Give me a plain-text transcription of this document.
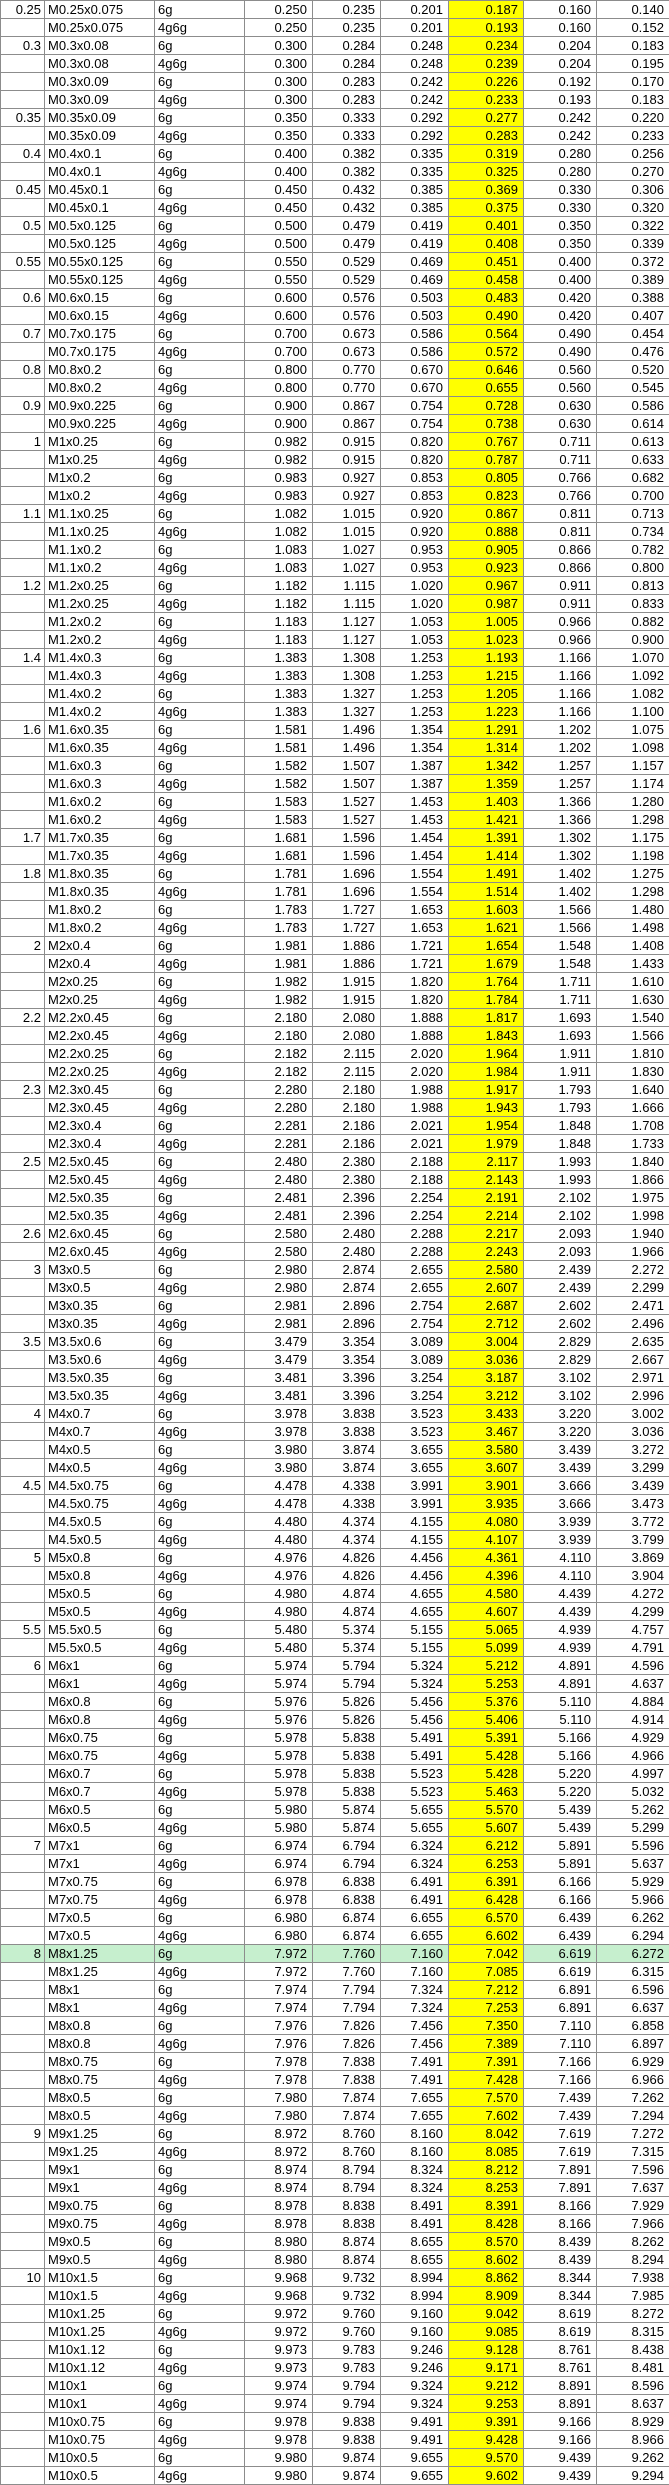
0.25	M0.25x0.075	6g	0.250	0.235	0.201	0.187	0.160	0.140
	M0.25x0.075	4g6g	0.250	0.235	0.201	0.193	0.160	0.152
0.3	M0.3x0.08	6g	0.300	0.284	0.248	0.234	0.204	0.183
	M0.3x0.08	4g6g	0.300	0.284	0.248	0.239	0.204	0.195
	M0.3x0.09	6g	0.300	0.283	0.242	0.226	0.192	0.170
	M0.3x0.09	4g6g	0.300	0.283	0.242	0.233	0.193	0.183
0.35	M0.35x0.09	6g	0.350	0.333	0.292	0.277	0.242	0.220
	M0.35x0.09	4g6g	0.350	0.333	0.292	0.283	0.242	0.233
0.4	M0.4x0.1	6g	0.400	0.382	0.335	0.319	0.280	0.256
	M0.4x0.1	4g6g	0.400	0.382	0.335	0.325	0.280	0.270
0.45	M0.45x0.1	6g	0.450	0.432	0.385	0.369	0.330	0.306
	M0.45x0.1	4g6g	0.450	0.432	0.385	0.375	0.330	0.320
0.5	M0.5x0.125	6g	0.500	0.479	0.419	0.401	0.350	0.322
	M0.5x0.125	4g6g	0.500	0.479	0.419	0.408	0.350	0.339
0.55	M0.55x0.125	6g	0.550	0.529	0.469	0.451	0.400	0.372
	M0.55x0.125	4g6g	0.550	0.529	0.469	0.458	0.400	0.389
0.6	M0.6x0.15	6g	0.600	0.576	0.503	0.483	0.420	0.388
	M0.6x0.15	4g6g	0.600	0.576	0.503	0.490	0.420	0.407
0.7	M0.7x0.175	6g	0.700	0.673	0.586	0.564	0.490	0.454
	M0.7x0.175	4g6g	0.700	0.673	0.586	0.572	0.490	0.476
0.8	M0.8x0.2	6g	0.800	0.770	0.670	0.646	0.560	0.520
	M0.8x0.2	4g6g	0.800	0.770	0.670	0.655	0.560	0.545
0.9	M0.9x0.225	6g	0.900	0.867	0.754	0.728	0.630	0.586
	M0.9x0.225	4g6g	0.900	0.867	0.754	0.738	0.630	0.614
1	M1x0.25	6g	0.982	0.915	0.820	0.767	0.711	0.613
	M1x0.25	4g6g	0.982	0.915	0.820	0.787	0.711	0.633
	M1x0.2	6g	0.983	0.927	0.853	0.805	0.766	0.682
	M1x0.2	4g6g	0.983	0.927	0.853	0.823	0.766	0.700
1.1	M1.1x0.25	6g	1.082	1.015	0.920	0.867	0.811	0.713
	M1.1x0.25	4g6g	1.082	1.015	0.920	0.888	0.811	0.734
	M1.1x0.2	6g	1.083	1.027	0.953	0.905	0.866	0.782
	M1.1x0.2	4g6g	1.083	1.027	0.953	0.923	0.866	0.800
1.2	M1.2x0.25	6g	1.182	1.115	1.020	0.967	0.911	0.813
	M1.2x0.25	4g6g	1.182	1.115	1.020	0.987	0.911	0.833
	M1.2x0.2	6g	1.183	1.127	1.053	1.005	0.966	0.882
	M1.2x0.2	4g6g	1.183	1.127	1.053	1.023	0.966	0.900
1.4	M1.4x0.3	6g	1.383	1.308	1.253	1.193	1.166	1.070
	M1.4x0.3	4g6g	1.383	1.308	1.253	1.215	1.166	1.092
	M1.4x0.2	6g	1.383	1.327	1.253	1.205	1.166	1.082
	M1.4x0.2	4g6g	1.383	1.327	1.253	1.223	1.166	1.100
1.6	M1.6x0.35	6g	1.581	1.496	1.354	1.291	1.202	1.075
	M1.6x0.35	4g6g	1.581	1.496	1.354	1.314	1.202	1.098
	M1.6x0.3	6g	1.582	1.507	1.387	1.342	1.257	1.157
	M1.6x0.3	4g6g	1.582	1.507	1.387	1.359	1.257	1.174
	M1.6x0.2	6g	1.583	1.527	1.453	1.403	1.366	1.280
	M1.6x0.2	4g6g	1.583	1.527	1.453	1.421	1.366	1.298
1.7	M1.7x0.35	6g	1.681	1.596	1.454	1.391	1.302	1.175
	M1.7x0.35	4g6g	1.681	1.596	1.454	1.414	1.302	1.198
1.8	M1.8x0.35	6g	1.781	1.696	1.554	1.491	1.402	1.275
	M1.8x0.35	4g6g	1.781	1.696	1.554	1.514	1.402	1.298
	M1.8x0.2	6g	1.783	1.727	1.653	1.603	1.566	1.480
	M1.8x0.2	4g6g	1.783	1.727	1.653	1.621	1.566	1.498
2	M2x0.4	6g	1.981	1.886	1.721	1.654	1.548	1.408
	M2x0.4	4g6g	1.981	1.886	1.721	1.679	1.548	1.433
	M2x0.25	6g	1.982	1.915	1.820	1.764	1.711	1.610
	M2x0.25	4g6g	1.982	1.915	1.820	1.784	1.711	1.630
2.2	M2.2x0.45	6g	2.180	2.080	1.888	1.817	1.693	1.540
	M2.2x0.45	4g6g	2.180	2.080	1.888	1.843	1.693	1.566
	M2.2x0.25	6g	2.182	2.115	2.020	1.964	1.911	1.810
	M2.2x0.25	4g6g	2.182	2.115	2.020	1.984	1.911	1.830
2.3	M2.3x0.45	6g	2.280	2.180	1.988	1.917	1.793	1.640
	M2.3x0.45	4g6g	2.280	2.180	1.988	1.943	1.793	1.666
	M2.3x0.4	6g	2.281	2.186	2.021	1.954	1.848	1.708
	M2.3x0.4	4g6g	2.281	2.186	2.021	1.979	1.848	1.733
2.5	M2.5x0.45	6g	2.480	2.380	2.188	2.117	1.993	1.840
	M2.5x0.45	4g6g	2.480	2.380	2.188	2.143	1.993	1.866
	M2.5x0.35	6g	2.481	2.396	2.254	2.191	2.102	1.975
	M2.5x0.35	4g6g	2.481	2.396	2.254	2.214	2.102	1.998
2.6	M2.6x0.45	6g	2.580	2.480	2.288	2.217	2.093	1.940
	M2.6x0.45	4g6g	2.580	2.480	2.288	2.243	2.093	1.966
3	M3x0.5	6g	2.980	2.874	2.655	2.580	2.439	2.272
	M3x0.5	4g6g	2.980	2.874	2.655	2.607	2.439	2.299
	M3x0.35	6g	2.981	2.896	2.754	2.687	2.602	2.471
	M3x0.35	4g6g	2.981	2.896	2.754	2.712	2.602	2.496
3.5	M3.5x0.6	6g	3.479	3.354	3.089	3.004	2.829	2.635
	M3.5x0.6	4g6g	3.479	3.354	3.089	3.036	2.829	2.667
	M3.5x0.35	6g	3.481	3.396	3.254	3.187	3.102	2.971
	M3.5x0.35	4g6g	3.481	3.396	3.254	3.212	3.102	2.996
4	M4x0.7	6g	3.978	3.838	3.523	3.433	3.220	3.002
	M4x0.7	4g6g	3.978	3.838	3.523	3.467	3.220	3.036
	M4x0.5	6g	3.980	3.874	3.655	3.580	3.439	3.272
	M4x0.5	4g6g	3.980	3.874	3.655	3.607	3.439	3.299
4.5	M4.5x0.75	6g	4.478	4.338	3.991	3.901	3.666	3.439
	M4.5x0.75	4g6g	4.478	4.338	3.991	3.935	3.666	3.473
	M4.5x0.5	6g	4.480	4.374	4.155	4.080	3.939	3.772
	M4.5x0.5	4g6g	4.480	4.374	4.155	4.107	3.939	3.799
5	M5x0.8	6g	4.976	4.826	4.456	4.361	4.110	3.869
	M5x0.8	4g6g	4.976	4.826	4.456	4.396	4.110	3.904
	M5x0.5	6g	4.980	4.874	4.655	4.580	4.439	4.272
	M5x0.5	4g6g	4.980	4.874	4.655	4.607	4.439	4.299
5.5	M5.5x0.5	6g	5.480	5.374	5.155	5.065	4.939	4.757
	M5.5x0.5	4g6g	5.480	5.374	5.155	5.099	4.939	4.791
6	M6x1	6g	5.974	5.794	5.324	5.212	4.891	4.596
	M6x1	4g6g	5.974	5.794	5.324	5.253	4.891	4.637
	M6x0.8	6g	5.976	5.826	5.456	5.376	5.110	4.884
	M6x0.8	4g6g	5.976	5.826	5.456	5.406	5.110	4.914
	M6x0.75	6g	5.978	5.838	5.491	5.391	5.166	4.929
	M6x0.75	4g6g	5.978	5.838	5.491	5.428	5.166	4.966
	M6x0.7	6g	5.978	5.838	5.523	5.428	5.220	4.997
	M6x0.7	4g6g	5.978	5.838	5.523	5.463	5.220	5.032
	M6x0.5	6g	5.980	5.874	5.655	5.570	5.439	5.262
	M6x0.5	4g6g	5.980	5.874	5.655	5.607	5.439	5.299
7	M7x1	6g	6.974	6.794	6.324	6.212	5.891	5.596
	M7x1	4g6g	6.974	6.794	6.324	6.253	5.891	5.637
	M7x0.75	6g	6.978	6.838	6.491	6.391	6.166	5.929
	M7x0.75	4g6g	6.978	6.838	6.491	6.428	6.166	5.966
	M7x0.5	6g	6.980	6.874	6.655	6.570	6.439	6.262
	M7x0.5	4g6g	6.980	6.874	6.655	6.602	6.439	6.294
8	M8x1.25	6g	7.972	7.760	7.160	7.042	6.619	6.272
	M8x1.25	4g6g	7.972	7.760	7.160	7.085	6.619	6.315
	M8x1	6g	7.974	7.794	7.324	7.212	6.891	6.596
	M8x1	4g6g	7.974	7.794	7.324	7.253	6.891	6.637
	M8x0.8	6g	7.976	7.826	7.456	7.350	7.110	6.858
	M8x0.8	4g6g	7.976	7.826	7.456	7.389	7.110	6.897
	M8x0.75	6g	7.978	7.838	7.491	7.391	7.166	6.929
	M8x0.75	4g6g	7.978	7.838	7.491	7.428	7.166	6.966
	M8x0.5	6g	7.980	7.874	7.655	7.570	7.439	7.262
	M8x0.5	4g6g	7.980	7.874	7.655	7.602	7.439	7.294
9	M9x1.25	6g	8.972	8.760	8.160	8.042	7.619	7.272
	M9x1.25	4g6g	8.972	8.760	8.160	8.085	7.619	7.315
	M9x1	6g	8.974	8.794	8.324	8.212	7.891	7.596
	M9x1	4g6g	8.974	8.794	8.324	8.253	7.891	7.637
	M9x0.75	6g	8.978	8.838	8.491	8.391	8.166	7.929
	M9x0.75	4g6g	8.978	8.838	8.491	8.428	8.166	7.966
	M9x0.5	6g	8.980	8.874	8.655	8.570	8.439	8.262
	M9x0.5	4g6g	8.980	8.874	8.655	8.602	8.439	8.294
10	M10x1.5	6g	9.968	9.732	8.994	8.862	8.344	7.938
	M10x1.5	4g6g	9.968	9.732	8.994	8.909	8.344	7.985
	M10x1.25	6g	9.972	9.760	9.160	9.042	8.619	8.272
	M10x1.25	4g6g	9.972	9.760	9.160	9.085	8.619	8.315
	M10x1.12	6g	9.973	9.783	9.246	9.128	8.761	8.438
	M10x1.12	4g6g	9.973	9.783	9.246	9.171	8.761	8.481
	M10x1	6g	9.974	9.794	9.324	9.212	8.891	8.596
	M10x1	4g6g	9.974	9.794	9.324	9.253	8.891	8.637
	M10x0.75	6g	9.978	9.838	9.491	9.391	9.166	8.929
	M10x0.75	4g6g	9.978	9.838	9.491	9.428	9.166	8.966
	M10x0.5	6g	9.980	9.874	9.655	9.570	9.439	9.262
	M10x0.5	4g6g	9.980	9.874	9.655	9.602	9.439	9.294
